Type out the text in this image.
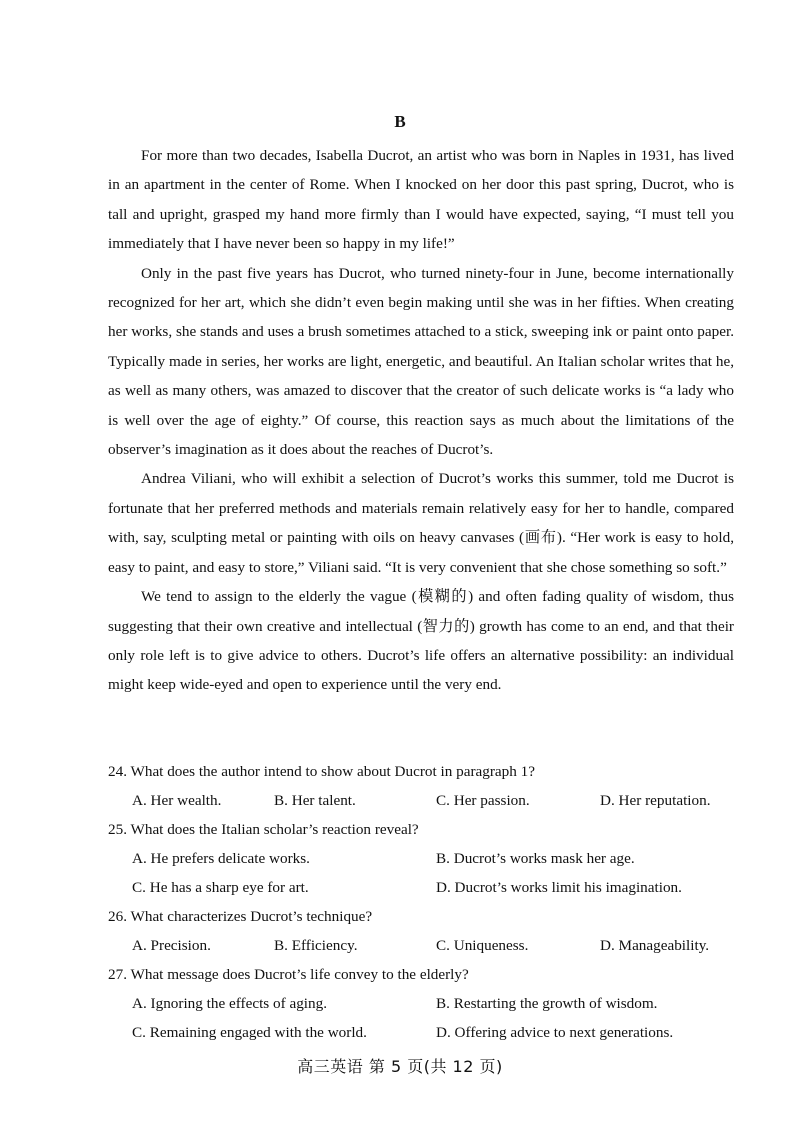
B

For more than two decades, Isabella Ducrot, an artist who was born in Naples in 1931, has lived in an apartment in the center of Rome. When I knocked on her door this past spring, Ducrot, who is tall and upright, grasped my hand more firmly than I would have expected, saying, “I must tell you immediately that I have never been so happy in my life!”

Only in the past five years has Ducrot, who turned ninety-four in June, become internationally recognized for her art, which she didn’t even begin making until she was in her fifties. When creating her works, she stands and uses a brush sometimes attached to a stick, sweeping ink or paint onto paper. Typically made in series, her works are light, energetic, and beautiful. An Italian scholar writes that he, as well as many others, was amazed to discover that the creator of such delicate works is “a lady who is well over the age of eighty.” Of course, this reaction says as much about the limitations of the observer’s imagination as it does about the reaches of Ducrot’s.

Andrea Viliani, who will exhibit a selection of Ducrot’s works this summer, told me Ducrot is fortunate that her preferred methods and materials remain relatively easy for her to handle, compared with, say, sculpting metal or painting with oils on heavy canvases (画布). “Her work is easy to hold, easy to paint, and easy to store,” Viliani said. “It is very convenient that she chose something so soft.”

We tend to assign to the elderly the vague (模糊的) and often fading quality of wisdom, thus suggesting that their own creative and intellectual (智力的) growth has come to an end, and that their only role left is to give advice to others. Ducrot’s life offers an alternative possibility: an individual might keep wide-eyed and open to experience until the very end.

24. What does the author intend to show about Ducrot in paragraph 1?
A. Her wealth.	B. Her talent.	C. Her passion.	D. Her reputation.
25. What does the Italian scholar’s reaction reveal?
A. He prefers delicate works.	B. Ducrot’s works mask her age.
C. He has a sharp eye for art.	D. Ducrot’s works limit his imagination.
26. What characterizes Ducrot’s technique?
A. Precision.	B. Efficiency.	C. Uniqueness.	D. Manageability.
27. What message does Ducrot’s life convey to the elderly?
A. Ignoring the effects of aging.	B. Restarting the growth of wisdom.
C. Remaining engaged with the world.	D. Offering advice to next generations.
高三英语 第 5 页(共 12 页)
